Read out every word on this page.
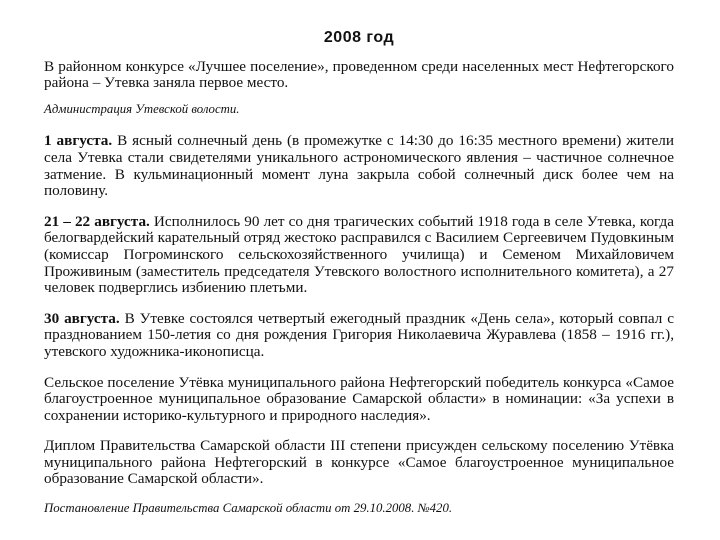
2008 год

В районном конкурсе «Лучшее поселение», проведенном среди населенных мест Нефтегорского района – Утевка заняла первое место.

Администрация Утевской волости.

1 августа. В ясный солнечный день (в промежутке с 14:30 до 16:35 местного времени) жители села Утевка стали свидетелями уникального астрономического явления – частичное солнечное затмение. В кульминационный момент луна закрыла собой солнечный диск более чем на половину.

21 – 22 августа. Исполнилось 90 лет со дня трагических событий 1918 года в селе Утевка, когда белогвардейский карательный отряд жестоко расправился с Василием Сергеевичем Пудовкиным (комиссар Погроминского сельскохозяйственного училища) и Семеном Михайловичем Проживиным (заместитель председателя Утевского волостного исполнительного комитета), а 27 человек подверглись избиению плетьми.

30 августа. В Утевке состоялся четвертый ежегодный праздник «День села», который совпал с празднованием 150-летия со дня рождения Григория Николаевича Журавлева (1858 – 1916 гг.), утевского художника-иконописца.

Сельское поселение Утёвка муниципального района Нефтегорский победитель конкурса «Самое благоустроенное муниципальное образование Самарской области» в номинации: «За успехи в сохранении историко-культурного и природного наследия».

Диплом Правительства Самарской области III степени присужден сельскому поселению Утёвка муниципального района Нефтегорский в конкурсе «Самое благоустроенное муниципальное образование Самарской области».

Постановление Правительства Самарской области от 29.10.2008. №420.
